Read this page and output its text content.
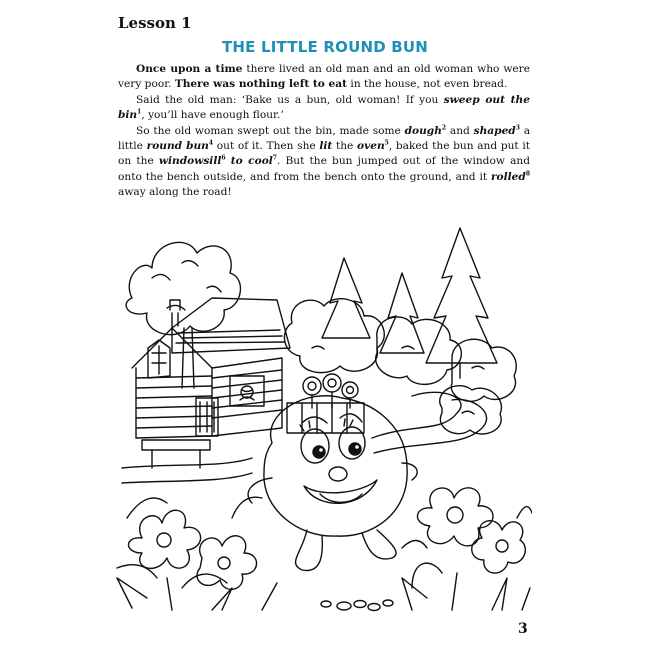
Lesson 1
THE LITTLE ROUND BUN

Once upon a time there lived an old man and an old woman who were very poor. There was nothing left to eat in the house, not even bread.

Said the old man: ‘Bake us a bun, old woman! If you sweep out the bin$^1$, you’ll have enough flour.’

So the old woman swept out the bin, made some dough$^2$ and shaped$^3$ a little round bun$^4$ out of it. Then she lit the oven$^5$, baked the bun and put it on the windowsill$^6$ to cool$^7$. But the bun jumped out of the window and onto the bench outside, and from the bench onto the ground, and it rolled$^8$ away along the road!

3
